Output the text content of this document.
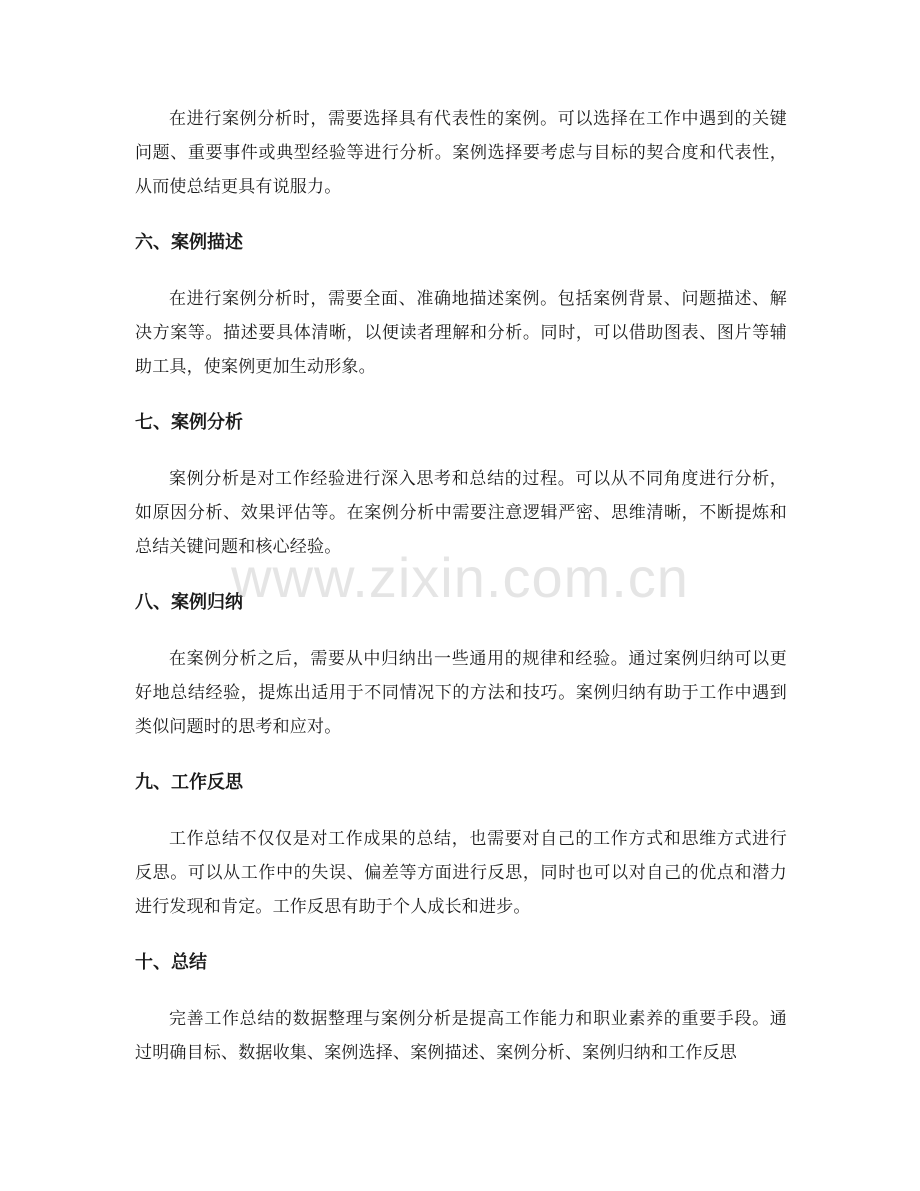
在进行案例分析时，需要选择具有代表性的案例。可以选择在工作中遇到的关键问题、重要事件或典型经验等进行分析。案例选择要考虑与目标的契合度和代表性，从而使总结更具有说服力。

六、案例描述

在进行案例分析时，需要全面、准确地描述案例。包括案例背景、问题描述、解决方案等。描述要具体清晰，以便读者理解和分析。同时，可以借助图表、图片等辅助工具，使案例更加生动形象。

七、案例分析

案例分析是对工作经验进行深入思考和总结的过程。可以从不同角度进行分析，如原因分析、效果评估等。在案例分析中需要注意逻辑严密、思维清晰，不断提炼和总结关键问题和核心经验。

八、案例归纳

在案例分析之后，需要从中归纳出一些通用的规律和经验。通过案例归纳可以更好地总结经验，提炼出适用于不同情况下的方法和技巧。案例归纳有助于工作中遇到类似问题时的思考和应对。

九、工作反思

工作总结不仅仅是对工作成果的总结，也需要对自己的工作方式和思维方式进行反思。可以从工作中的失误、偏差等方面进行反思，同时也可以对自己的优点和潜力进行发现和肯定。工作反思有助于个人成长和进步。

十、总结

完善工作总结的数据整理与案例分析是提高工作能力和职业素养的重要手段。通过明确目标、数据收集、案例选择、案例描述、案例分析、案例归纳和工作反思

www.zixin.com.cn
